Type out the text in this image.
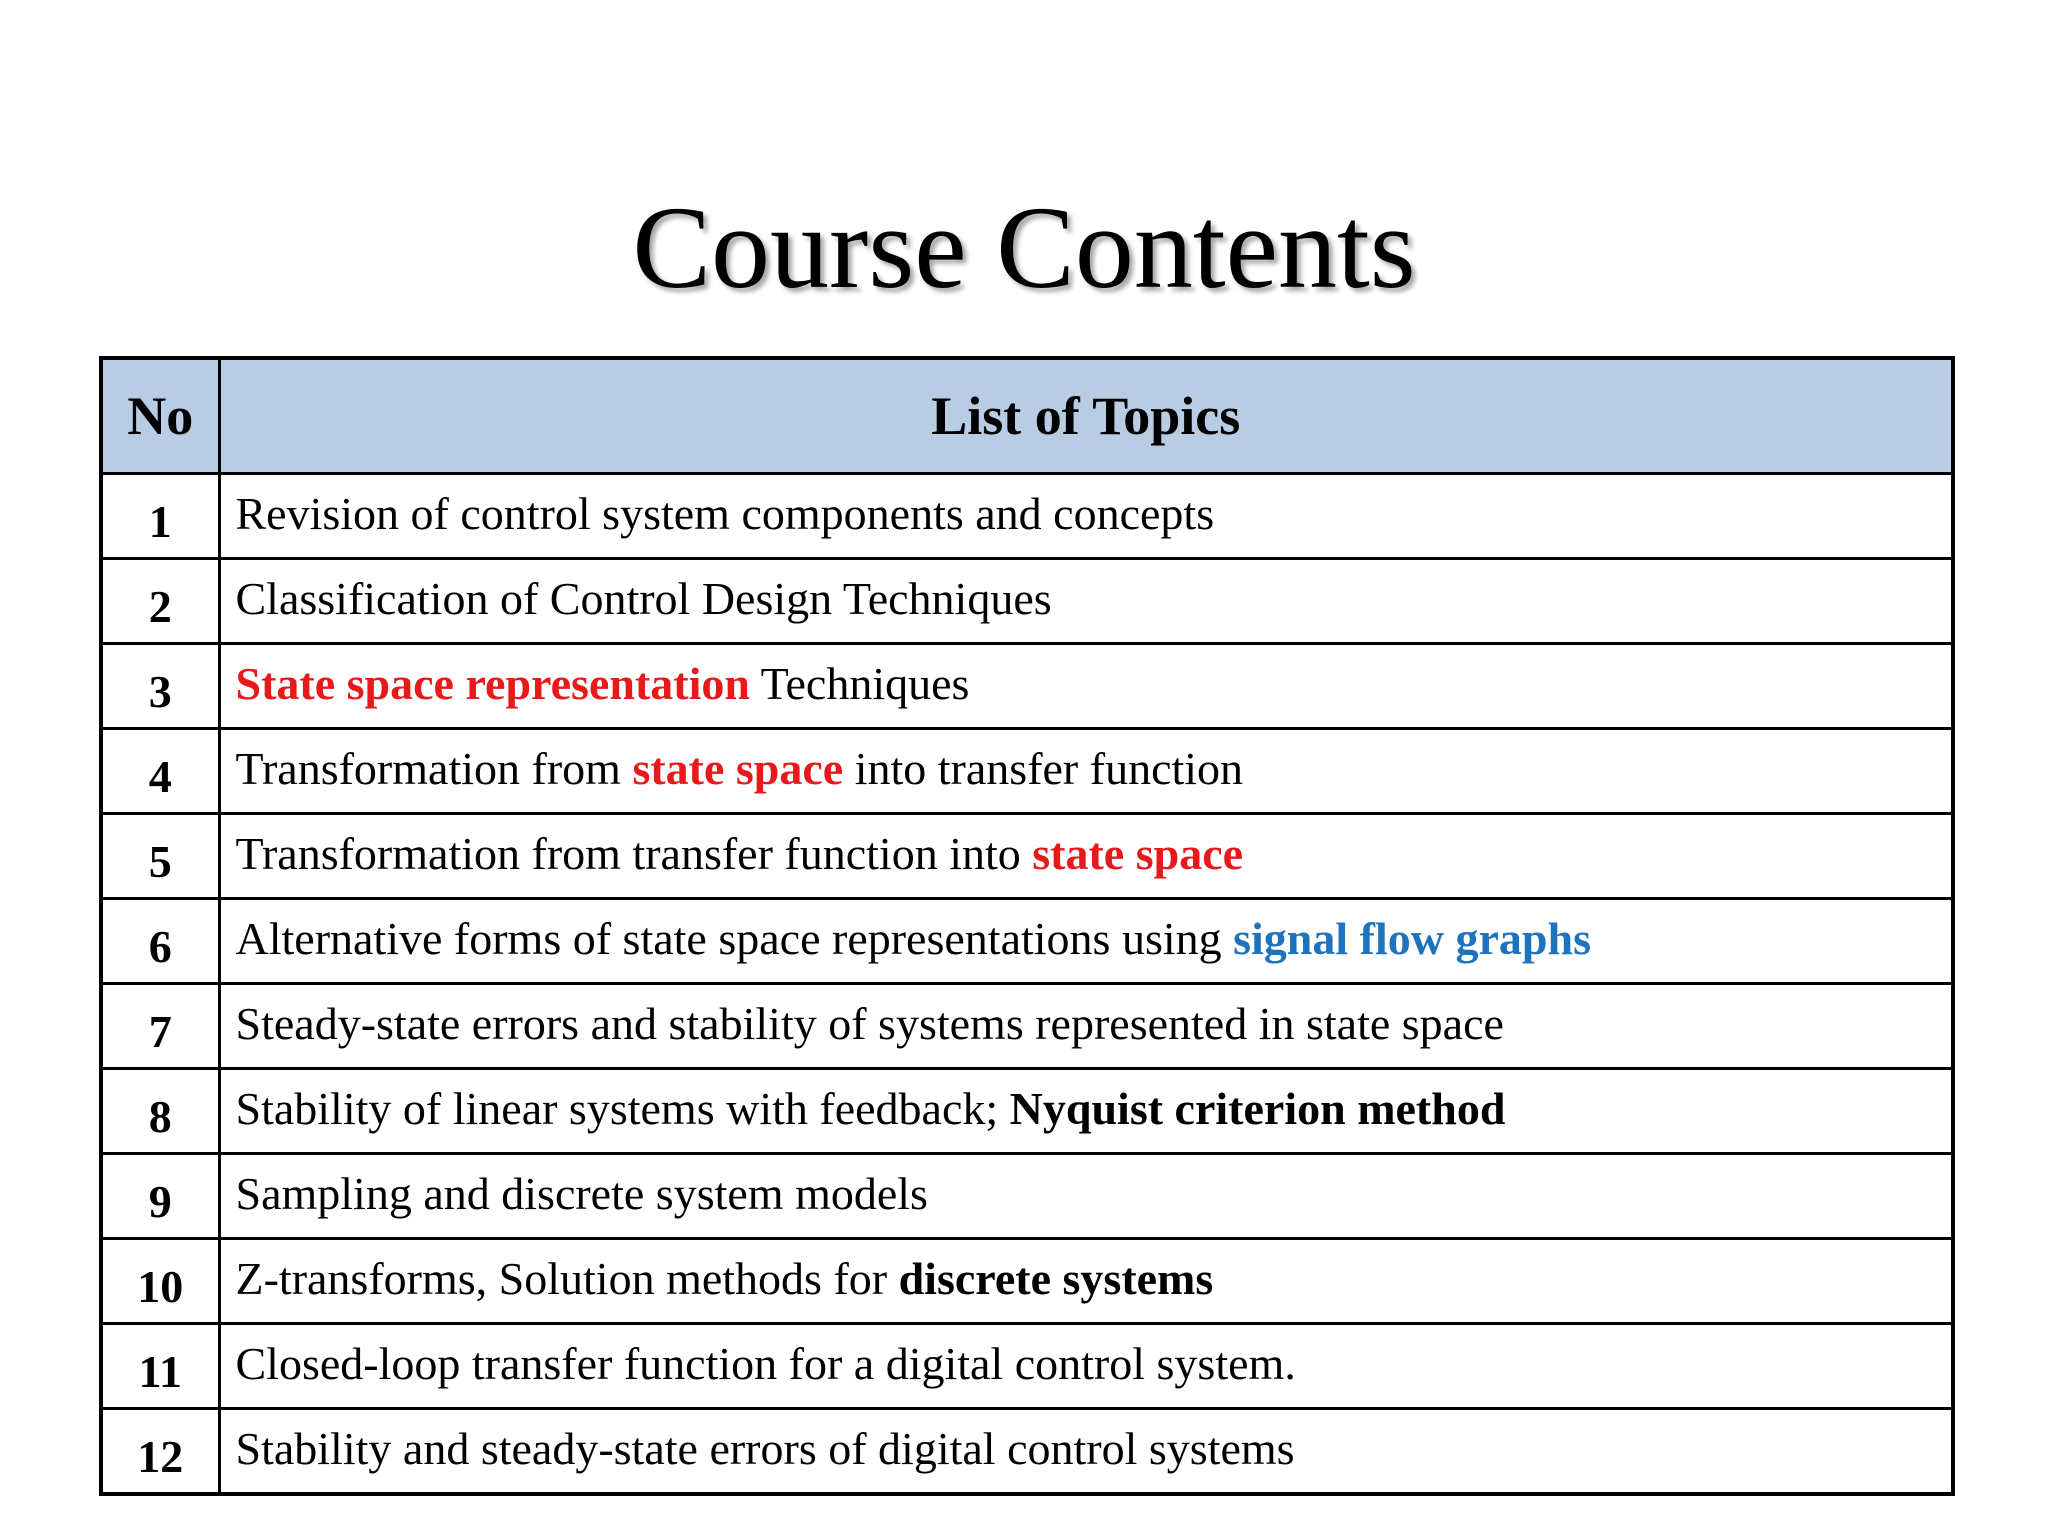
Course Contents
No	List of Topics
1	Revision of control system components and concepts
2	Classification of Control Design Techniques
3	State space representation Techniques
4	Transformation from state space into transfer function
5	Transformation from transfer function into state space
6	Alternative forms of state space representations using signal flow graphs
7	Steady-state errors and stability of systems represented in state space
8	Stability of linear systems with feedback; Nyquist criterion method
9	Sampling and discrete system models
10	Z-transforms, Solution methods for discrete systems
11	Closed-loop transfer function for a digital control system.
12	Stability and steady-state errors of digital control systems
